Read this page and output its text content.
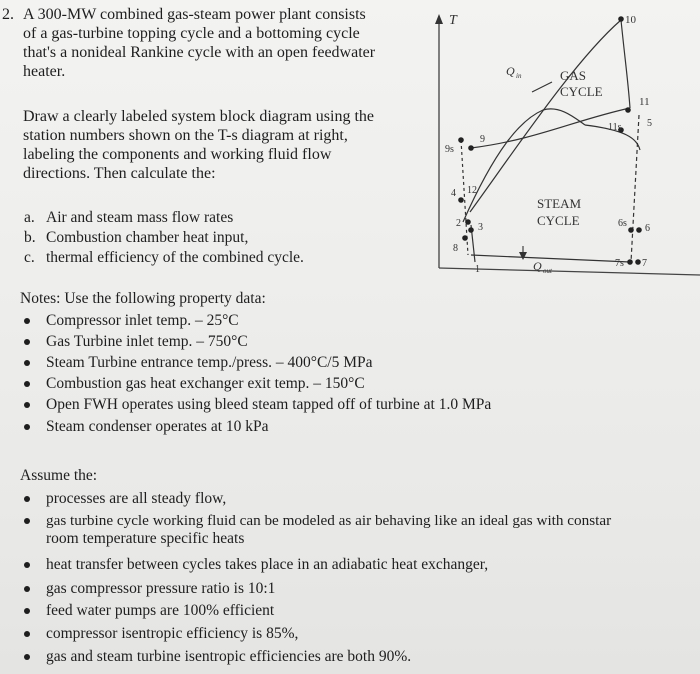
2. A 300-MW combined gas-steam power plant consists
of a gas-turbine topping cycle and a bottoming cycle
that's a nonideal Rankine cycle with an open feedwater
heater.
Draw a clearly labeled system block diagram using the
station numbers shown on the T-s diagram at right,
labeling the components and working fluid flow
directions. Then calculate the:
a. Air and steam mass flow rates
b. Combustion chamber heat input,
c. thermal efficiency of the combined cycle.
T	10
Q in	GAS
CYCLE
11
11s	5
9
9s
4 12
STEAM
CYCLE
2 3
8
1
6s 6
7s 7
Q out
Notes: Use the following property data:
Compressor inlet temp. – 25°C
Gas Turbine inlet temp. – 750°C
Steam Turbine entrance temp./press. – 400°C/5 MPa
Combustion gas heat exchanger exit temp. – 150°C
Open FWH operates using bleed steam tapped off of turbine at 1.0 MPa
Steam condenser operates at 10 kPa
Assume the:
processes are all steady flow,
gas turbine cycle working fluid can be modeled as air behaving like an ideal gas with constar
room temperature specific heats
heat transfer between cycles takes place in an adiabatic heat exchanger,
gas compressor pressure ratio is 10:1
feed water pumps are 100% efficient
compressor isentropic efficiency is 85%,
gas and steam turbine isentropic efficiencies are both 90%.
